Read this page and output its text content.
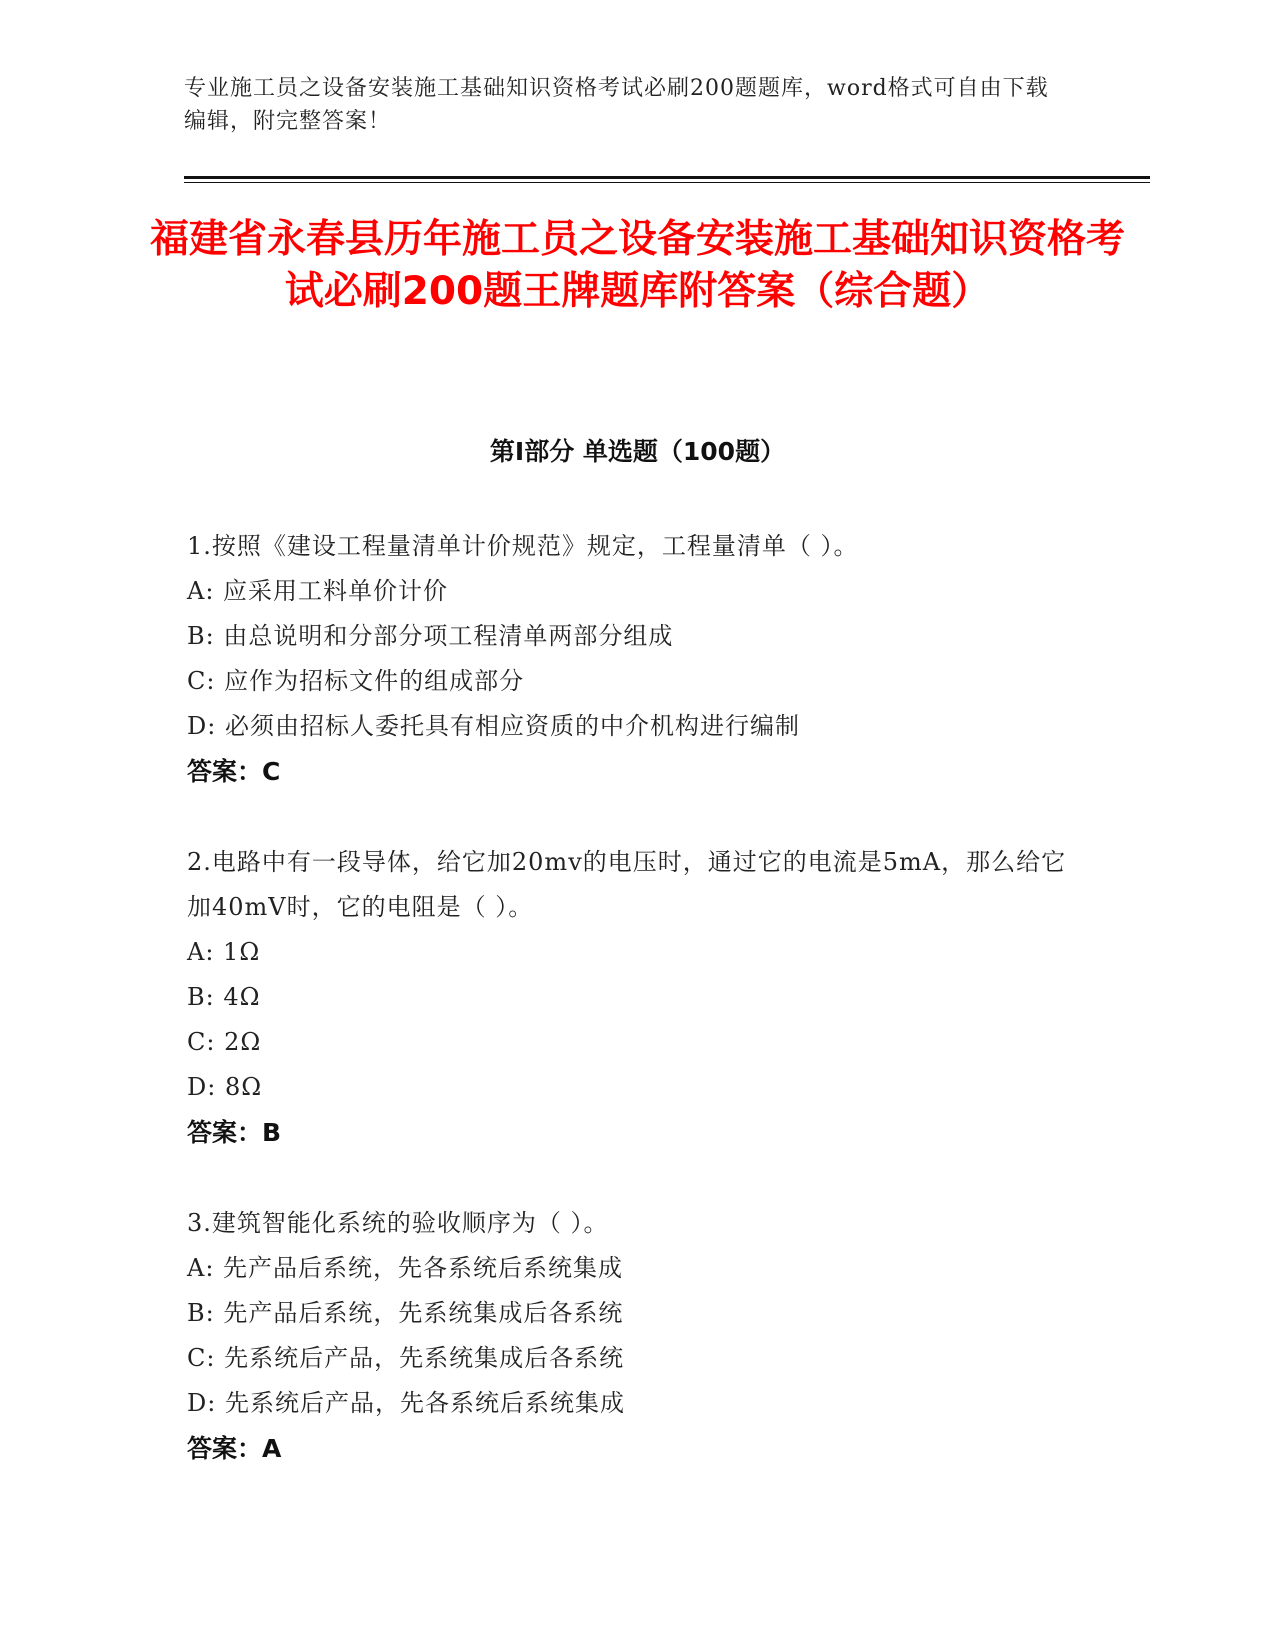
专业施工员之设备安装施工基础知识资格考试必刷200题题库，word格式可自由下载编辑，附完整答案！
福建省永春县历年施工员之设备安装施工基础知识资格考试必刷200题王牌题库附答案（综合题）
第Ⅰ部分 单选题（100题）
1.按照《建设工程量清单计价规范》规定，工程量清单（ ）。
A: 应采用工料单价计价
B: 由总说明和分部分项工程清单两部分组成
C: 应作为招标文件的组成部分
D: 必须由招标人委托具有相应资质的中介机构进行编制
答案：C
2.电路中有一段导体，给它加20mv的电压时，通过它的电流是5mA，那么给它加40mV时，它的电阻是（ ）。
A: 1Ω
B: 4Ω
C: 2Ω
D: 8Ω
答案：B
3.建筑智能化系统的验收顺序为（ ）。
A: 先产品后系统，先各系统后系统集成
B: 先产品后系统，先系统集成后各系统
C: 先系统后产品，先系统集成后各系统
D: 先系统后产品，先各系统后系统集成
答案：A
